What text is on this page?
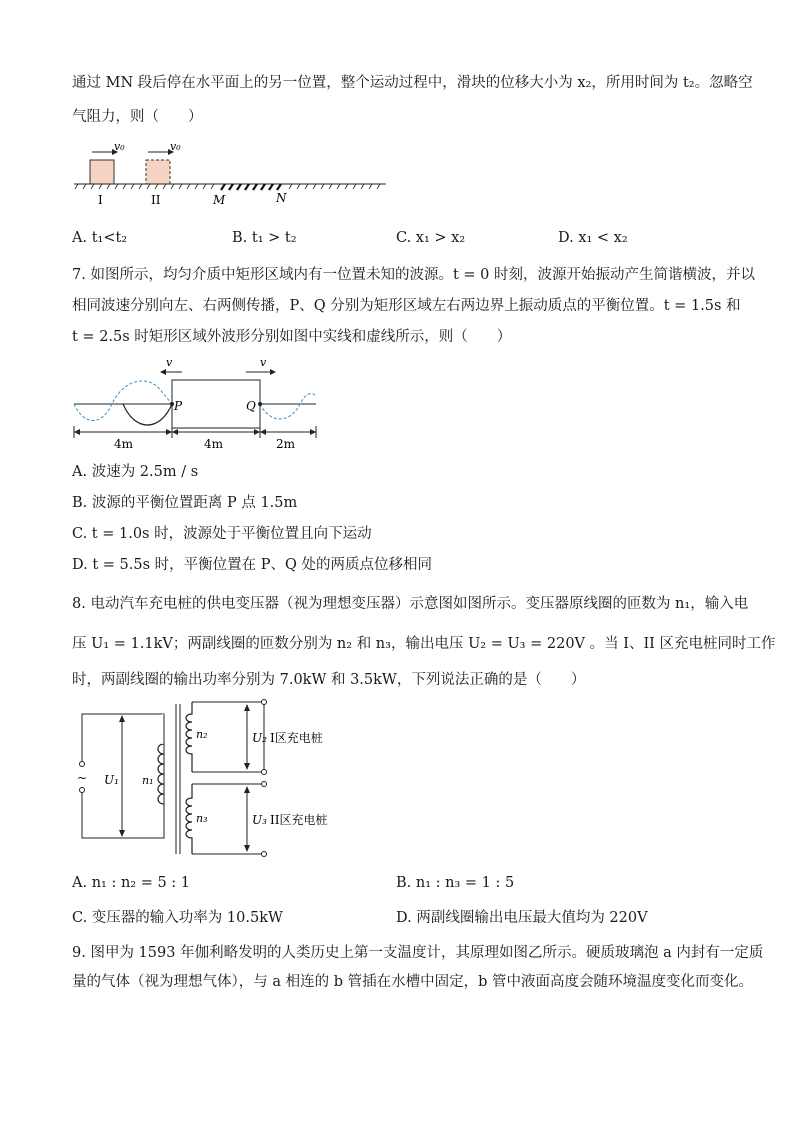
通过 MN 段后停在水平面上的另一位置，整个运动过程中，滑块的位移大小为 x₂，所用时间为 t₂。忽略空
气阻力，则（　　）
v₀	v₀
I	II	M	N
A. t₁<t₂	B. t₁ > t₂	C. x₁ > x₂	D. x₁ < x₂
7. 如图所示，均匀介质中矩形区域内有一位置未知的波源。t = 0 时刻，波源开始振动产生简谐横波，并以
相同波速分别向左、右两侧传播，P、Q 分别为矩形区域左右两边界上振动质点的平衡位置。t = 1.5s 和
t = 2.5s 时矩形区域外波形分别如图中实线和虚线所示，则（　　）
v	v
P	Q
4m	4m	2m
A. 波速为 2.5m / s
B. 波源的平衡位置距离 P 点 1.5m
C. t = 1.0s 时，波源处于平衡位置且向下运动
D. t = 5.5s 时，平衡位置在 P、Q 处的两质点位移相同
8. 电动汽车充电桩的供电变压器（视为理想变压器）示意图如图所示。变压器原线圈的匝数为 n₁，输入电
压 U₁ = 1.1kV；两副线圈的匝数分别为 n₂ 和 n₃，输出电压 U₂ = U₃ = 220V 。当 I、II 区充电桩同时工作
时，两副线圈的输出功率分别为 7.0kW 和 3.5kW，下列说法正确的是（　　）
~ U₁ n₁
n₂	U₂ I区充电桩
n₃	U₃ II区充电桩
A. n₁ : n₂ = 5 : 1	B. n₁ : n₃ = 1 : 5
C. 变压器的输入功率为 10.5kW	D. 两副线圈输出电压最大值均为 220V
9. 图甲为 1593 年伽利略发明的人类历史上第一支温度计，其原理如图乙所示。硬质玻璃泡 a 内封有一定质
量的气体（视为理想气体），与 a 相连的 b 管插在水槽中固定，b 管中液面高度会随环境温度变化而变化。
